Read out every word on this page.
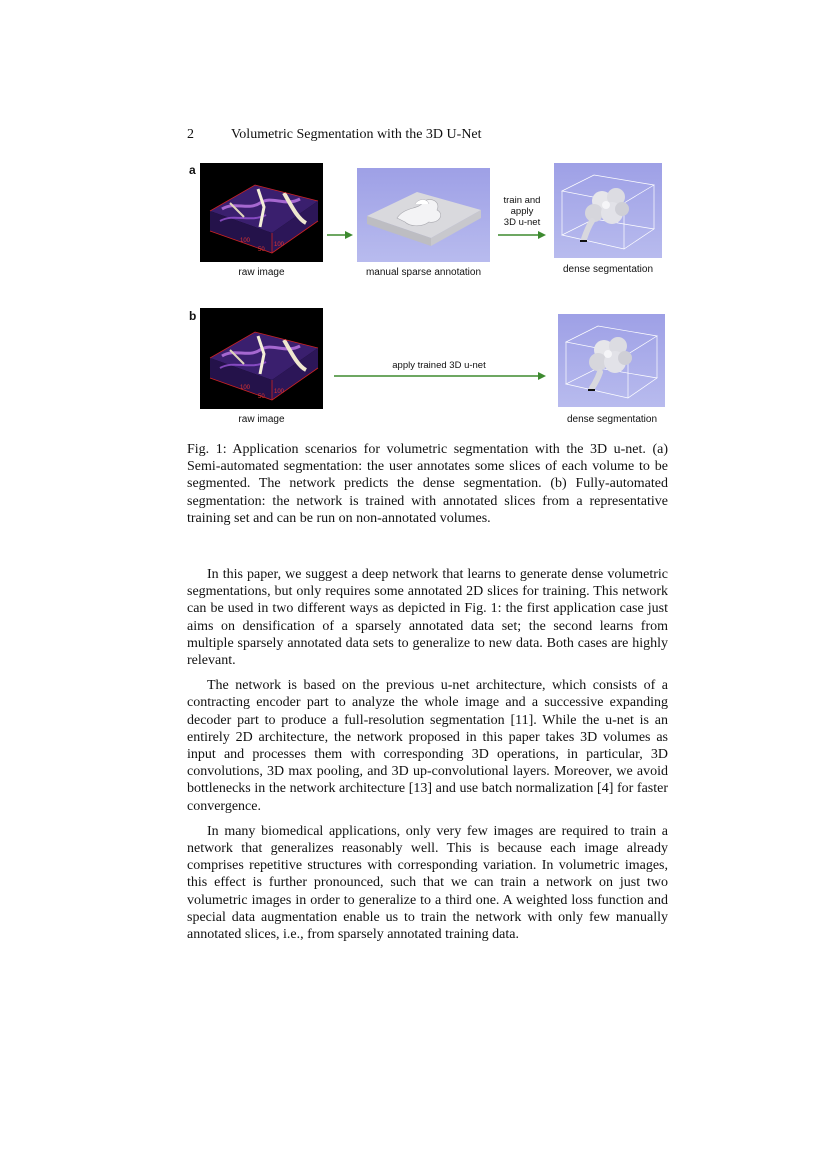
2	Volumetric Segmentation with the 3D U-Net
a
100
100
50
raw image	manual sparse annotation
train and
apply
3D u-net
dense segmentation
b
100
100
50
raw image
apply trained 3D u-net
dense segmentation
Fig. 1: Application scenarios for volumetric segmentation with the 3D u-net. (a) Semi-automated segmentation: the user annotates some slices of each volume to be segmented. The network predicts the dense segmentation. (b) Fully-automated segmentation: the network is trained with annotated slices from a representative training set and can be run on non-annotated volumes.

In this paper, we suggest a deep network that learns to generate dense volumetric segmentations, but only requires some annotated 2D slices for training. This network can be used in two different ways as depicted in Fig. 1: the first application case just aims on densification of a sparsely annotated data set; the second learns from multiple sparsely annotated data sets to generalize to new data. Both cases are highly relevant.

The network is based on the previous u-net architecture, which consists of a contracting encoder part to analyze the whole image and a successive expanding decoder part to produce a full-resolution segmentation [11]. While the u-net is an entirely 2D architecture, the network proposed in this paper takes 3D volumes as input and processes them with corresponding 3D operations, in particular, 3D convolutions, 3D max pooling, and 3D up-convolutional layers. Moreover, we avoid bottlenecks in the network architecture [13] and use batch normalization [4] for faster convergence.

In many biomedical applications, only very few images are required to train a network that generalizes reasonably well. This is because each image already comprises repetitive structures with corresponding variation. In volumetric images, this effect is further pronounced, such that we can train a network on just two volumetric images in order to generalize to a third one. A weighted loss function and special data augmentation enable us to train the network with only few manually annotated slices, i.e., from sparsely annotated training data.
